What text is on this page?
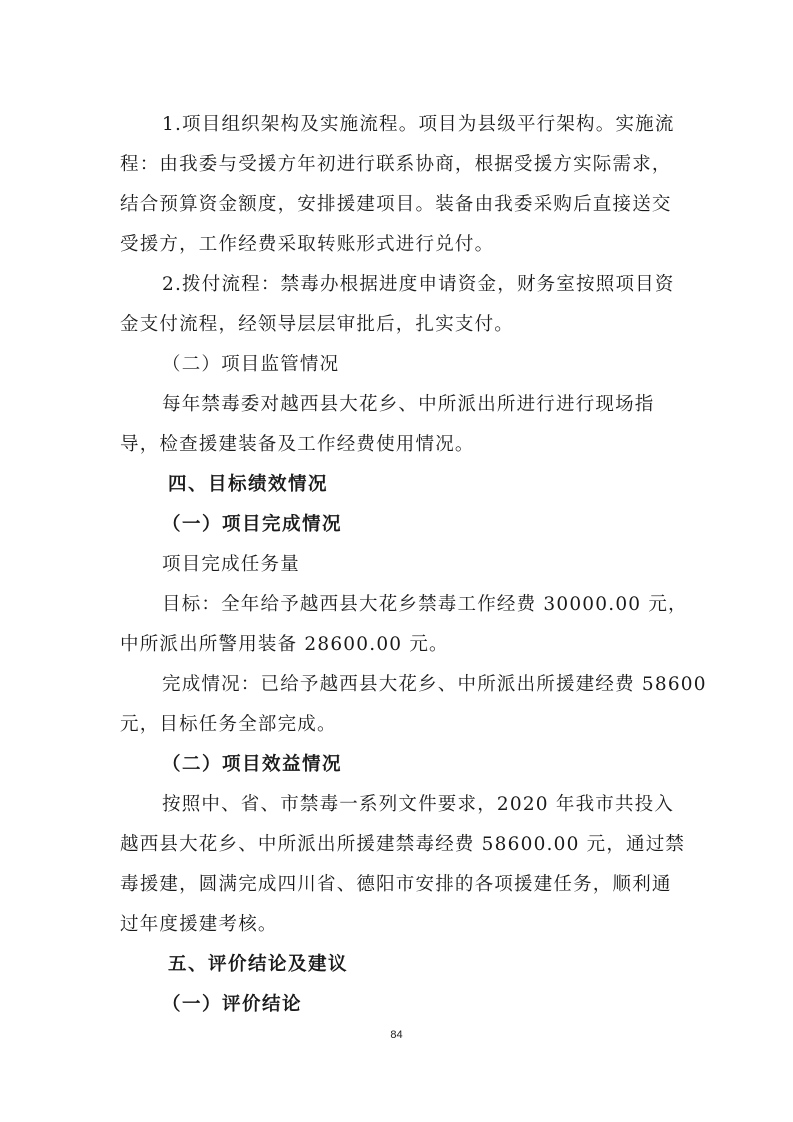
1.项目组织架构及实施流程。项目为县级平行架构。实施流
程：由我委与受援方年初进行联系协商，根据受援方实际需求，
结合预算资金额度，安排援建项目。装备由我委采购后直接送交
受援方，工作经费采取转账形式进行兑付。
2.拨付流程：禁毒办根据进度申请资金，财务室按照项目资
金支付流程，经领导层层审批后，扎实支付。
（二）项目监管情况
每年禁毒委对越西县大花乡、中所派出所进行进行现场指
导，检查援建装备及工作经费使用情况。
四、目标绩效情况
（一）项目完成情况
项目完成任务量
目标：全年给予越西县大花乡禁毒工作经费 30000.00 元，
中所派出所警用装备 28600.00 元。
完成情况：已给予越西县大花乡、中所派出所援建经费 58600
元，目标任务全部完成。
（二）项目效益情况
按照中、省、市禁毒一系列文件要求，2020 年我市共投入
越西县大花乡、中所派出所援建禁毒经费 58600.00 元，通过禁
毒援建，圆满完成四川省、德阳市安排的各项援建任务，顺利通
过年度援建考核。
五、评价结论及建议
（一）评价结论
84
